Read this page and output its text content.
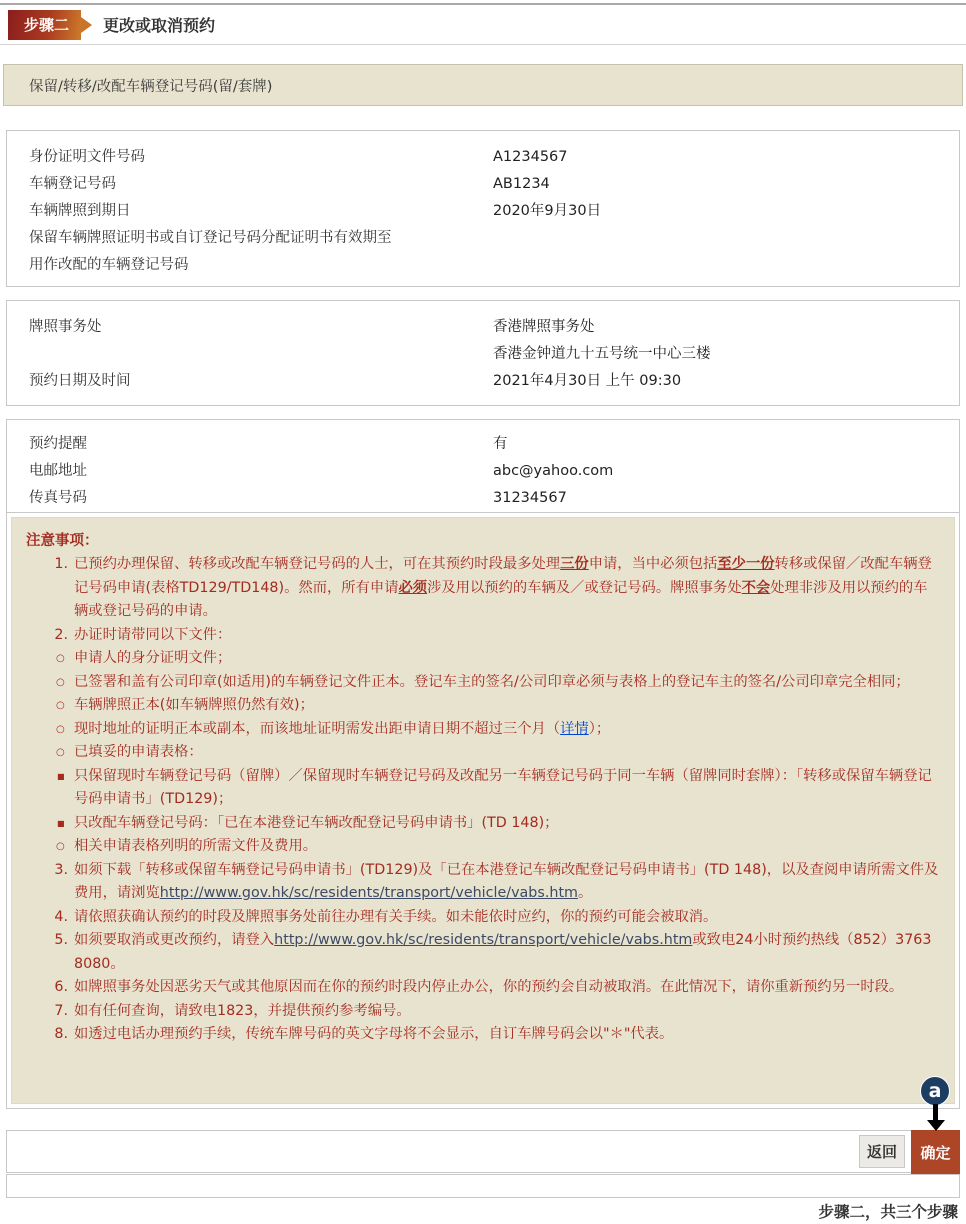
步骤二	更改或取消预约
保留/转移/改配车辆登记号码(留/套牌)
身份证明文件号码	A1234567
车辆登记号码	AB1234
车辆牌照到期日	2020年9月30日
保留车辆牌照证明书或自订登记号码分配证明书有效期至
用作改配的车辆登记号码
牌照事务处	香港牌照事务处
香港金钟道九十五号统一中心三楼
预约日期及时间	2021年4月30日 上午 09:30
预约提醒	有
电邮地址	abc@yahoo.com
传真号码	31234567
注意事项：
1. 已预约办理保留、转移或改配车辆登记号码的人士，可在其预约时段最多处理三份申请，当中必须包括至少一份转移或保留／改配车辆登记号码申请(表格TD129/TD148)。然而，所有申请必须涉及用以预约的车辆及／或登记号码。牌照事务处不会处理非涉及用以预约的车辆或登记号码的申请。
2. 办证时请带同以下文件：
○ 申请人的身分证明文件；
○ 已签署和盖有公司印章(如适用)的车辆登记文件正本。登记车主的签名/公司印章必须与表格上的登记车主的签名/公司印章完全相同；
○ 车辆牌照正本(如车辆牌照仍然有效)；
○ 现时地址的证明正本或副本，而该地址证明需发出距申请日期不超过三个月（详情）；
○ 已填妥的申请表格：
■ 只保留现时车辆登记号码（留牌）／保留现时车辆登记号码及改配另一车辆登记号码于同一车辆（留牌同时套牌）：「转移或保留车辆登记号码申请书」(TD129)；
■ 只改配车辆登记号码：「已在本港登记车辆改配登记号码申请书」(TD 148)；
○ 相关申请表格列明的所需文件及费用。
3. 如须下载「转移或保留车辆登记号码申请书」(TD129)及「已在本港登记车辆改配登记号码申请书」(TD 148)，以及查阅申请所需文件及费用，请浏览http://www.gov.hk/sc/residents/transport/vehicle/vabs.htm。
4. 请依照获确认预约的时段及牌照事务处前往办理有关手续。如未能依时应约，你的预约可能会被取消。
5. 如须要取消或更改预约，请登入http://www.gov.hk/sc/residents/transport/vehicle/vabs.htm或致电24小时预约热线（852）3763 8080。
6. 如牌照事务处因恶劣天气或其他原因而在你的预约时段内停止办公，你的预约会自动被取消。在此情况下，请你重新预约另一时段。
7. 如有任何查询，请致电1823，并提供预约参考编号。
8. 如透过电话办理预约手续，传统车牌号码的英文字母将不会显示，自订车牌号码会以"＊"代表。
a
返回	确定
步骤二，共三个步骤
